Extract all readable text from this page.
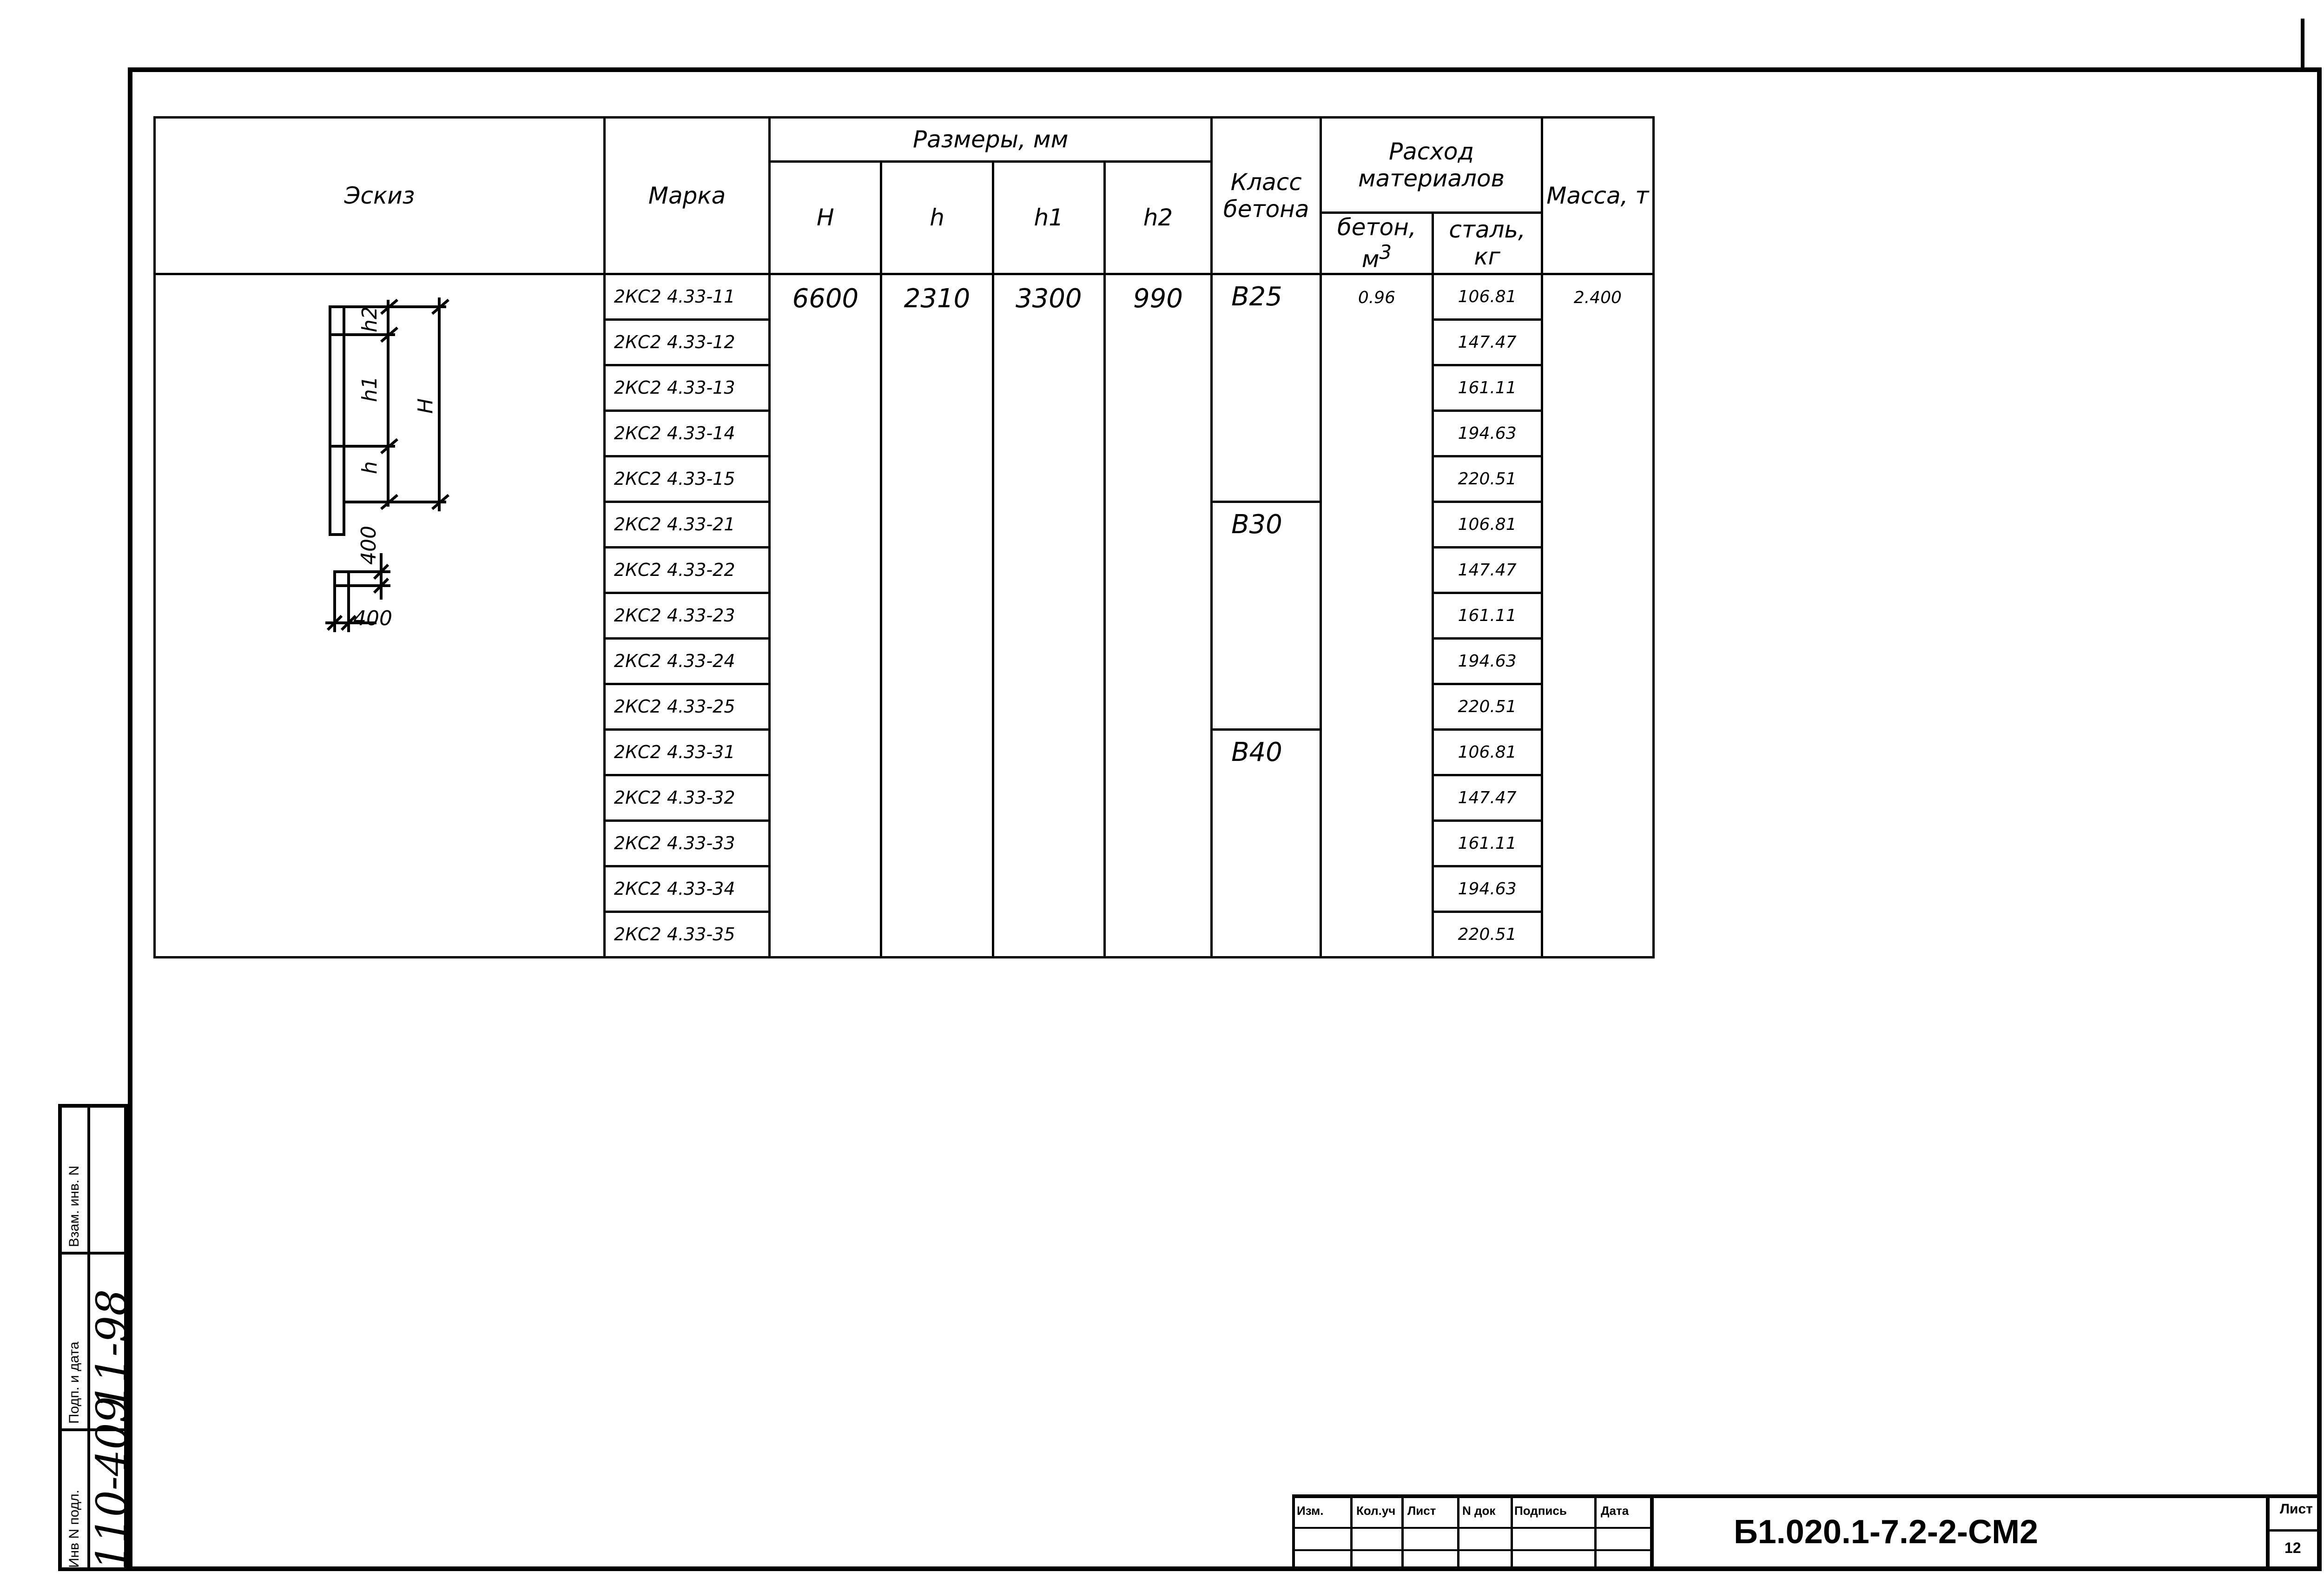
Эскиз	Марка	Размеры, мм				Класс бетона	Расход материалов		Масса, т
		H	h	h1	h2				
							бетон, $м^3$	сталь, кг	
	2КС2 4.33-11	6600	2310	3300	990	B25	0.96	106.81	2.400
	2КС2 4.33-12							147.47	
	2КС2 4.33-13							161.11	
	2КС2 4.33-14							194.63	
	2КС2 4.33-15							220.51	
	2КС2 4.33-21					B30		106.81	
	2КС2 4.33-22							147.47	
	2КС2 4.33-23							161.11	
	2КС2 4.33-24							194.63	
	2КС2 4.33-25							220.51	
	2КС2 4.33-31					B40		106.81	
	2КС2 4.33-32							147.47	
	2КС2 4.33-33							161.11	
	2КС2 4.33-34							194.63	
	2КС2 4.33-35							220.51	
h2
h1
h
H
400
400
Взам. инв. N
Подп. и дата
Инв N подл.
11-98
110-409	Изм.	Кол.уч Лист N док Подпись	Дата
Б1.020.1-7.2-2-СМ2
Лист
12
